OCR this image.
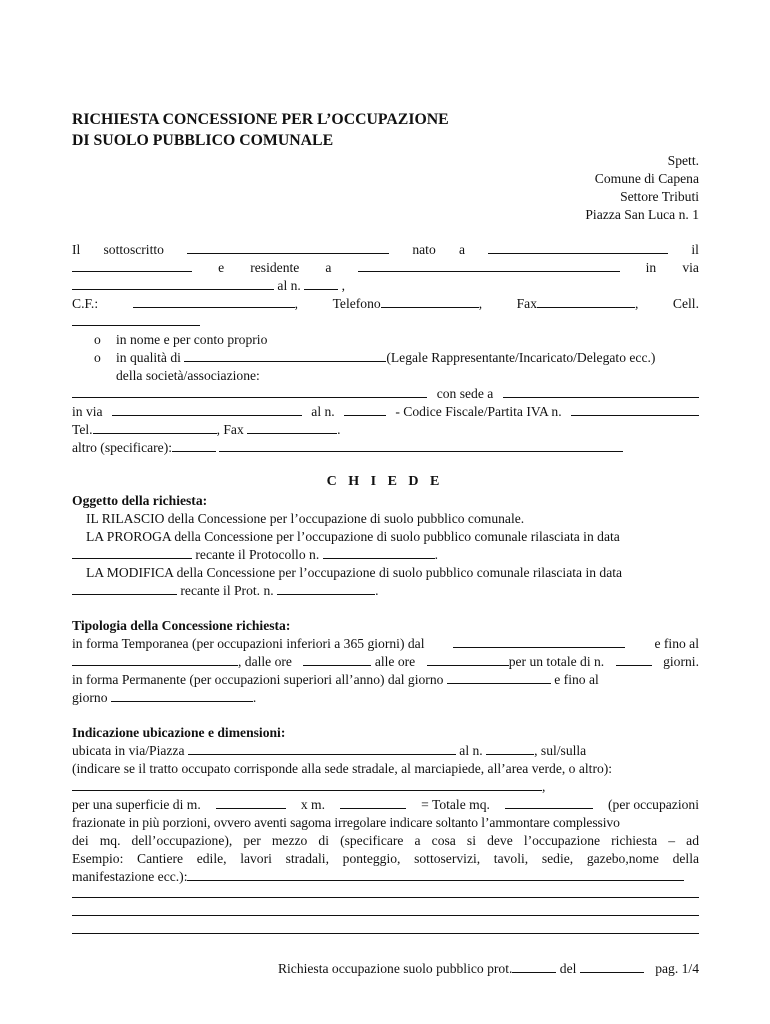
RICHIESTA CONCESSIONE PER L’OCCUPAZIONE
DI SUOLO PUBBLICO COMUNALE
Spett.
Comune di Capena
Settore Tributi
Piazza San Luca n. 1
Il sottoscritto	nato a	il
e residente a	in via
al n.	,
C.F.:	,	Telefono	,	Fax	,	Cell.
o in nome e per conto proprio
o in qualità di	(Legale Rappresentante/Incaricato/Delegato ecc.)
della società/associazione:
con sede a
in via	al n.	- Codice Fiscale/Partita IVA n.
Tel.	, Fax	.
altro (specificare):
C H I E D E
Oggetto della richiesta:
IL RILASCIO della Concessione per l’occupazione di suolo pubblico comunale.
LA PROROGA della Concessione per l’occupazione di suolo pubblico comunale rilasciata in data
recante il Protocollo n.	.
LA MODIFICA della Concessione per l’occupazione di suolo pubblico comunale rilasciata in data
recante il Prot. n.	.
Tipologia della Concessione richiesta:
in forma Temporanea (per occupazioni inferiori a 365 giorni) dal	e fino al
, dalle ore	alle ore	per un totale di n.	giorni.
in forma Permanente (per occupazioni superiori all’anno) dal giorno	e fino al
giorno	.
Indicazione ubicazione e dimensioni:
ubicata in via/Piazza	al n.	, sul/sulla
(indicare se il tratto occupato corrisponde alla sede stradale, al marciapiede, all’area verde, o altro):
,
per una superficie di m.	x m.	= Totale mq.	(per occupazioni
frazionate in più porzioni, ovvero aventi sagoma irregolare indicare soltanto l’ammontare complessivo
dei mq. dell’occupazione), per mezzo di (specificare a cosa si deve l’occupazione richiesta – ad
Esempio: Cantiere edile, lavori stradali, ponteggio, sottoservizi, tavoli, sedie, gazebo,nome della
manifestazione ecc.):
Richiesta occupazione suolo pubblico prot.	del	pag. 1/4
